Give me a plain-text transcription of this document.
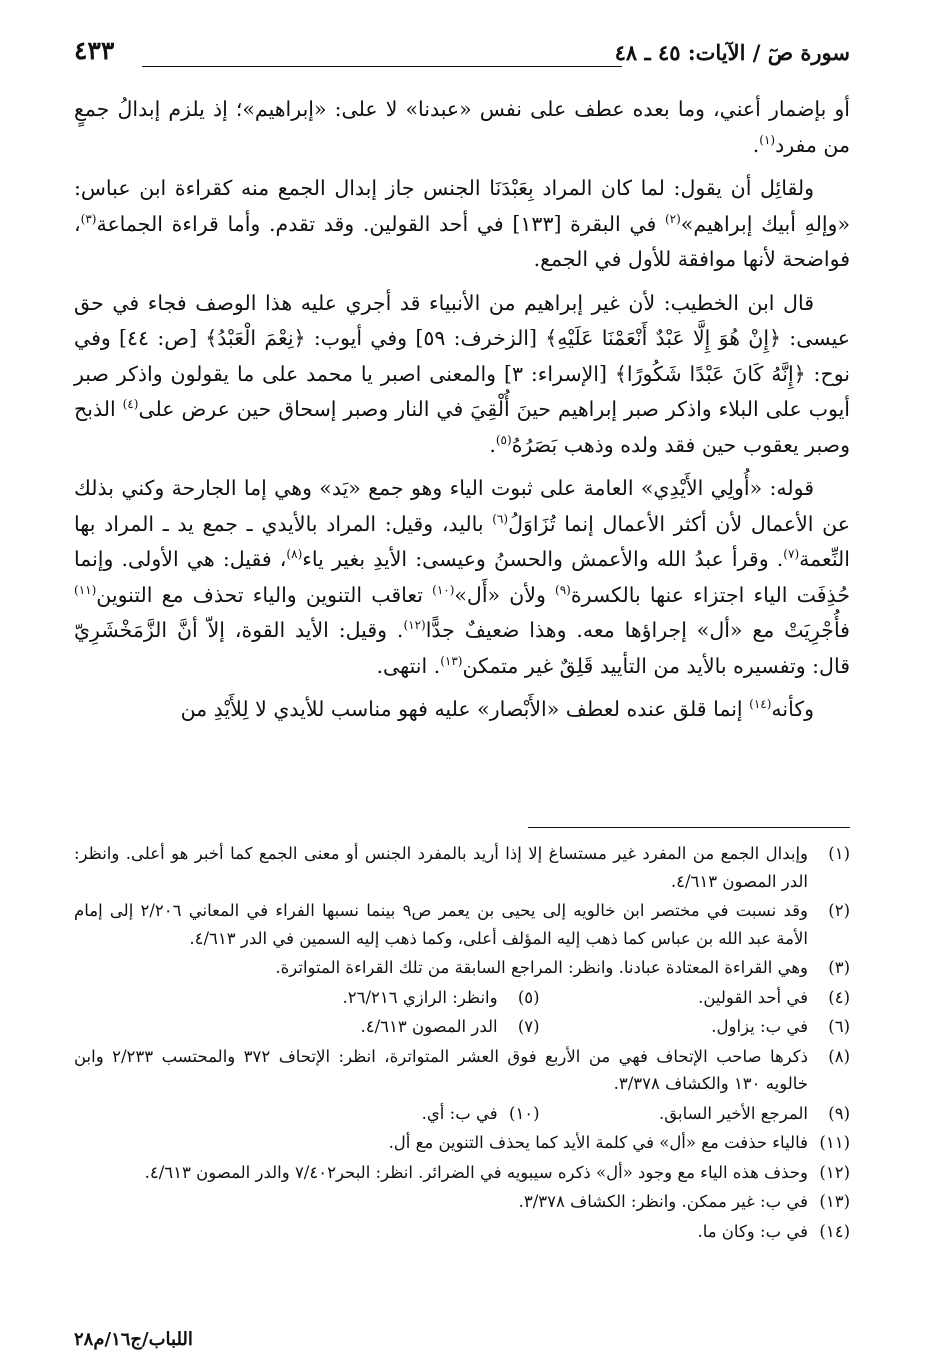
سورة صٓ / الآيات: ٤٥ ـ ٤٨
٤٣٣

أو بإضمار أعني، وما بعده عطف على نفس «عبدنا» لا على: «إبراهيم»؛ إذ يلزم إبدالُ جمعٍ من مفرد$^{(١)}$.

ولقائِل أن يقول: لما كان المراد بِعَبْدَنَا الجنس جاز إبدال الجمع منه كقراءة ابن عباس: «وإلهِ أبيك إبراهيم»$^{(٢)}$ في البقرة [١٣٣] في أحد القولين. وقد تقدم. وأما قراءة الجماعة$^{(٣)}$، فواضحة لأنها موافقة للأول في الجمع.

قال ابن الخطيب: لأن غير إبراهيم من الأنبياء قد أجري عليه هذا الوصف فجاء في حق عيسى: ﴿إِنْ هُوَ إِلَّا عَبْدٌ أَنْعَمْنَا عَلَيْهِ﴾ [الزخرف: ٥٩] وفي أيوب: ﴿نِعْمَ الْعَبْدُ﴾ [ص: ٤٤] وفي نوح: ﴿إِنَّهُ كَانَ عَبْدًا شَكُورًا﴾ [الإسراء: ٣] والمعنى اصبر يا محمد على ما يقولون واذكر صبر أيوب على البلاء واذكر صبر إبراهيم حينَ أُلْقِيَ في النار وصبر إسحاق حين عرض على$^{(٤)}$ الذبح وصبر يعقوب حين فقد ولده وذهب بَصَرُهُ$^{(٥)}$.

قوله: «أُولِي الأَيْدِي» العامة على ثبوت الياء وهو جمع «يَد» وهي إما الجارحة وكني بذلك عن الأعمال لأن أكثر الأعمال إنما تُزَاوَلُ$^{(٦)}$ باليد، وقيل: المراد بالأيدي ـ جمع يد ـ المراد بها النِّعمة$^{(٧)}$. وقرأ عبدُ الله والأعمش والحسنُ وعيسى: الأيدِ بغير ياء$^{(٨)}$، فقيل: هي الأولى. وإنما حُذِفَت الياء اجتزاء عنها بالكسرة$^{(٩)}$ ولأن «أَل»$^{(١٠)}$ تعاقب التنوين والياء تحذف مع التنوين$^{(١١)}$ فأُجْرِيَتْ مع «أل» إجراؤها معه. وهذا ضعيفٌ جدًّا$^{(١٢)}$. وقيل: الأيد القوة، إلاّ أنَّ الزَّمَخْشَرِيّ قال: وتفسيره بالأيد من التأييد قَلِقٌ غير متمكن$^{(١٣)}$. انتهى.

وكأنه$^{(١٤)}$ إنما قلق عنده لعطف «الأَبْصار» عليه فهو مناسب للأيدي لا لِلأَيْدِ من

(١)
وإبدال الجمع من المفرد غير مستساغ إلا إذا أريد بالمفرد الجنس أو معنى الجمع كما أخبر هو أعلى. وانظر: الدر المصون ٤/٦١٣.
(٢)
وقد نسبت في مختصر ابن خالويه إلى يحيى بن يعمر ص٩ بينما نسبها الفراء في المعاني ٢/٢٠٦ إلى إمام الأمة عبد الله بن عباس كما ذهب إليه المؤلف أعلى، وكما ذهب إليه السمين في الدر ٤/٦١٣.
(٣)
وهي القراءة المعتادة عبادنا. وانظر: المراجع السابقة من تلك القراءة المتواترة.
(٤)
في أحد القولين.
(٥)
وانظر: الرازي ٢٦/٢١٦.
(٦)
في ب: يزاول.
(٧)
الدر المصون ٤/٦١٣.
(٨)
ذكرها صاحب الإتحاف فهي من الأربع فوق العشر المتواترة، انظر: الإتحاف ٣٧٢ والمحتسب ٢/٢٣٣ وابن خالويه ١٣٠ والكشاف ٣/٣٧٨.
(٩)
المرجع الأخير السابق.
(١٠)
في ب: أي.
(١١)
فالياء حذفت مع «أل» في كلمة الأيد كما يحذف التنوين مع أل.
(١٢)
وحذف هذه الياء مع وجود «أل» ذكره سيبويه في الضرائر. انظر: البحر٧/٤٠٢ والدر المصون ٤/٦١٣.
(١٣)
في ب: غير ممكن. وانظر: الكشاف ٣/٣٧٨.
(١٤)
في ب: وكان ما.
اللباب/ج١٦/م٢٨
